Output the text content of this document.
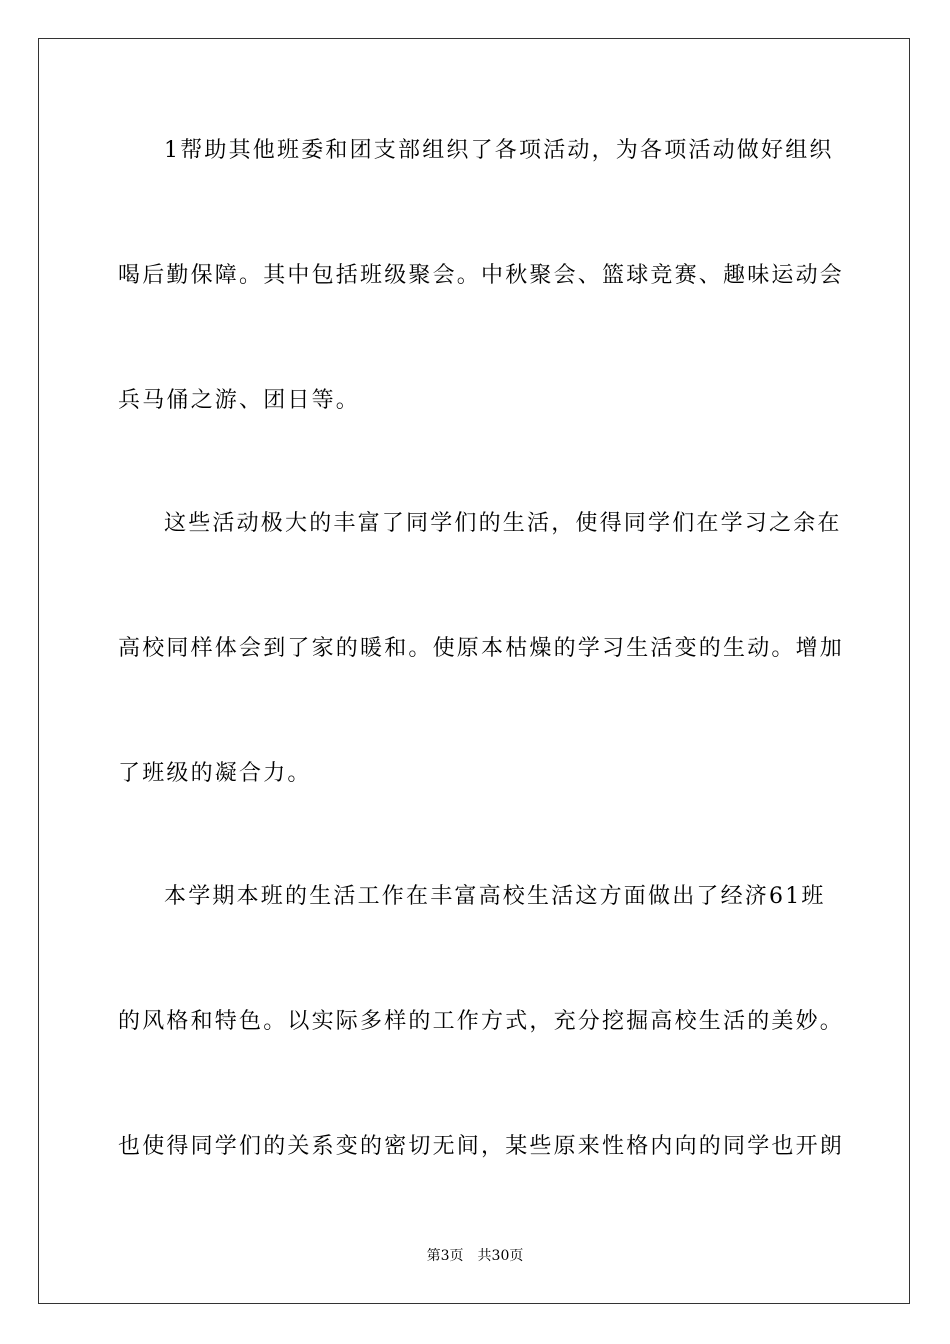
1帮助其他班委和团支部组织了各项活动，为各项活动做好组织
喝后勤保障。其中包括班级聚会。中秋聚会、篮球竞赛、趣味运动会
兵马俑之游、团日等。
这些活动极大的丰富了同学们的生活，使得同学们在学习之余在
高校同样体会到了家的暖和。使原本枯燥的学习生活变的生动。增加
了班级的凝合力。
本学期本班的生活工作在丰富高校生活这方面做出了经济61班
的风格和特色。以实际多样的工作方式，充分挖掘高校生活的美妙。
也使得同学们的关系变的密切无间，某些原来性格内向的同学也开朗
第3页 共30页
